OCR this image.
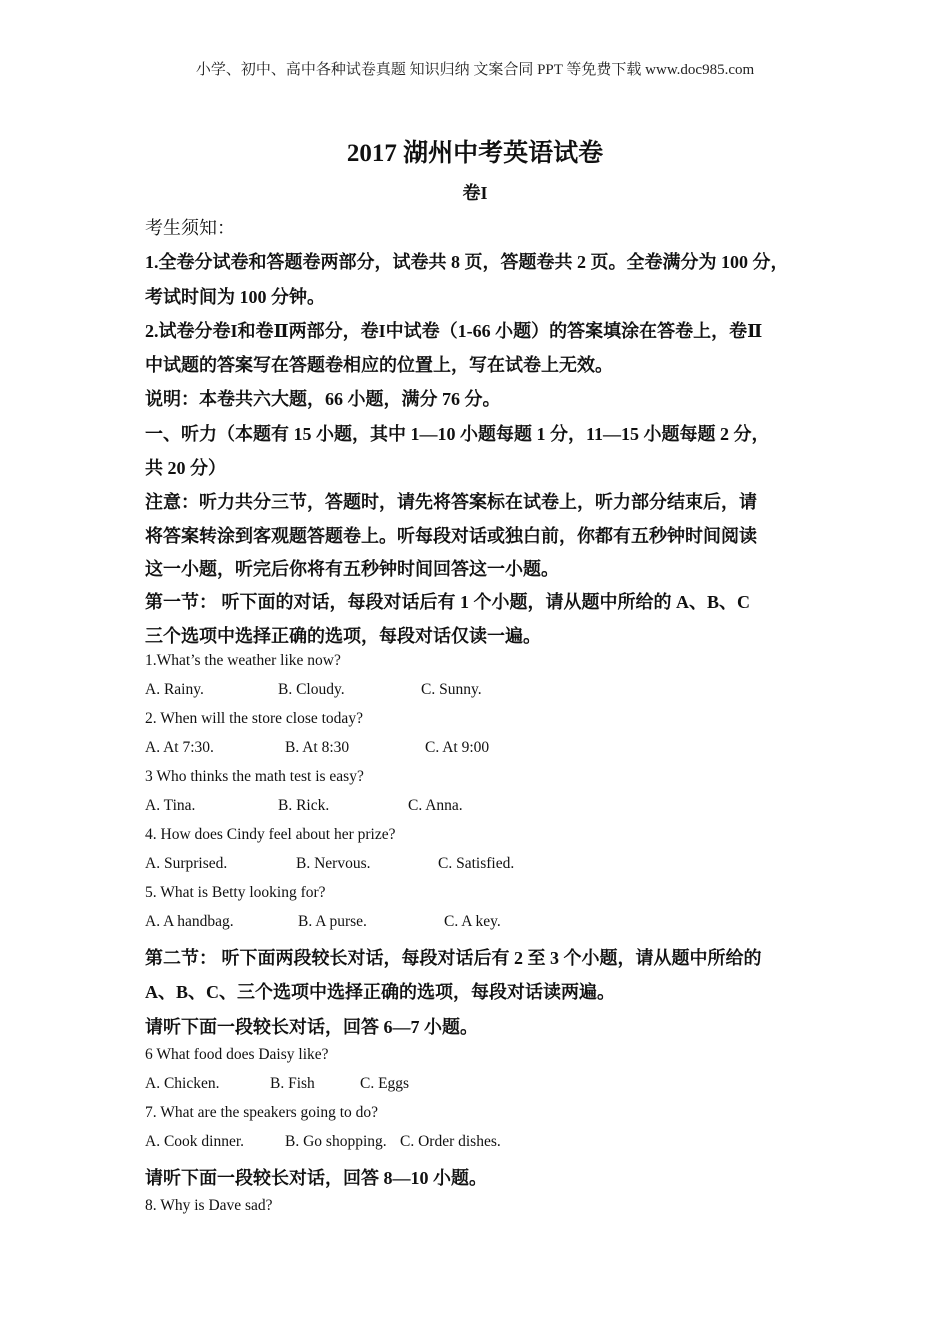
小学、初中、高中各种试卷真题 知识归纳 文案合同 PPT 等免费下载 www.doc985.com
2017 湖州中考英语试卷
卷I
考生须知：
1.全卷分试卷和答题卷两部分，试卷共 8 页，答题卷共 2 页。全卷满分为 100 分，
考试时间为 100 分钟。
2.试卷分卷I和卷Ⅱ两部分，卷I中试卷（1-66 小题）的答案填涂在答卷上，卷Ⅱ
中试题的答案写在答题卷相应的位置上，写在试卷上无效。
说明：本卷共六大题，66 小题，满分 76 分。
一、听力（本题有 15 小题，其中 1—10 小题每题 1 分，11—15 小题每题 2 分，
共 20 分）
注意：听力共分三节，答题时，请先将答案标在试卷上，听力部分结束后，请
将答案转涂到客观题答题卷上。听每段对话或独白前，你都有五秒钟时间阅读
这一小题，听完后你将有五秒钟时间回答这一小题。
第一节： 听下面的对话，每段对话后有 1 个小题，请从题中所给的 A、B、C
三个选项中选择正确的选项，每段对话仅读一遍。
1.What’s the weather like now?
A. Rainy.	B. Cloudy.	C. Sunny.
2. When will the store close today?
A. At 7:30.	B. At 8:30	C. At 9:00
3 Who thinks the math test is easy?
A. Tina.	B. Rick.	C. Anna.
4. How does Cindy feel about her prize?
A. Surprised.	B. Nervous.	C. Satisfied.
5. What is Betty looking for?
A. A handbag.	B. A purse.	C. A key.
第二节： 听下面两段较长对话，每段对话后有 2 至 3 个小题，请从题中所给的
A、B、C、三个选项中选择正确的选项，每段对话读两遍。
请听下面一段较长对话，回答 6—7 小题。
6 What food does Daisy like?
A. Chicken.	B. Fish	C. Eggs
7. What are the speakers going to do?
A. Cook dinner.	B. Go shopping. C. Order dishes.
请听下面一段较长对话，回答 8—10 小题。
8. Why is Dave sad?
